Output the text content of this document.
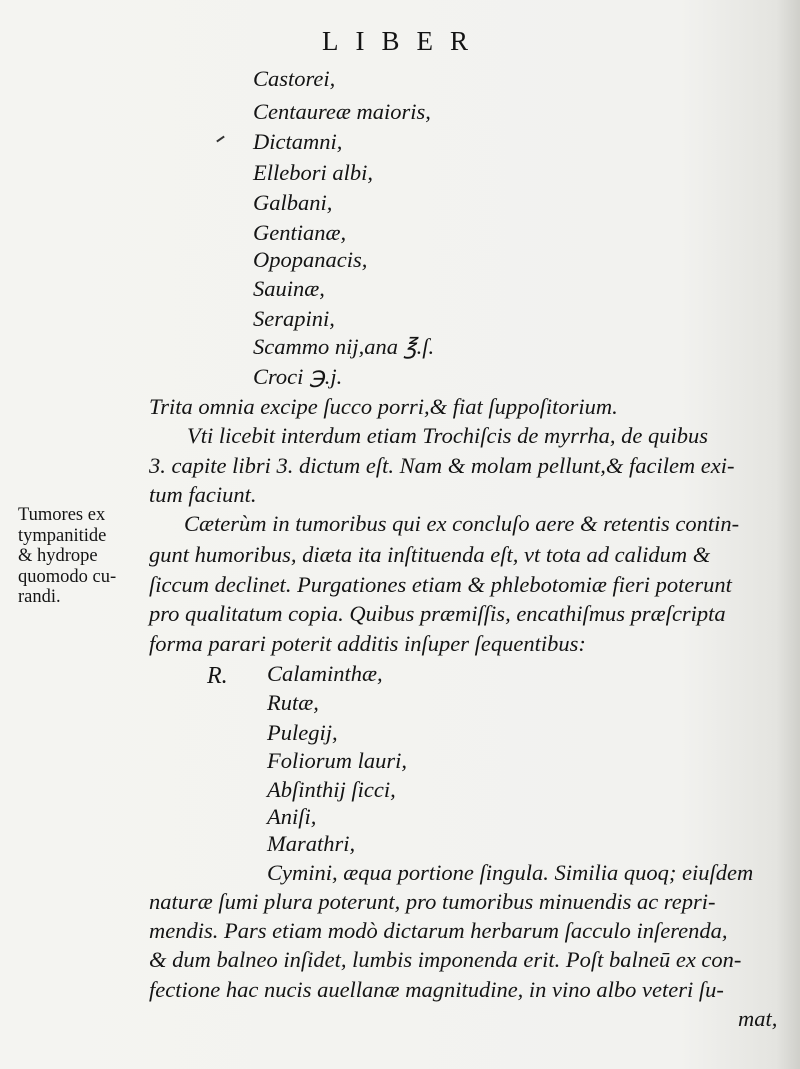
LIBER
Castorei,
Centaureæ maioris,
Dictamni,
Ellebori albi,
Galbani,
Gentianæ,
Opopanacis,
Sauinæ,
Serapini,
Scammo nij,ana ℥.ſ.
Croci ℈.j.
Trita omnia excipe ſucco porri,& fiat ſuppoſitorium.
Vti licebit interdum etiam Trochiſcis de myrrha, de quibus
3. capite libri 3. dictum eſt. Nam & molam pellunt,& facilem exi-
tum faciunt.
Tumores ex
tympanitide
& hydrope
quomodo cu-
randi.
Cæterùm in tumoribus qui ex concluſo aere & retentis contin-
gunt humoribus, diæta ita inſtituenda eſt, vt tota ad calidum &
ſiccum declinet. Purgationes etiam & phlebotomiæ fieri poterunt
pro qualitatum copia. Quibus præmiſſis, encathiſmus præſcripta
forma parari poterit additis inſuper ſequentibus:
R. Calaminthæ,
Rutæ,
Pulegij,
Foliorum lauri,
Abſinthij ſicci,
Aniſi,
Marathri,
Cymini, æqua portione ſingula. Similia quoq; eiuſdem
naturæ ſumi plura poterunt, pro tumoribus minuendis ac repri-
mendis. Pars etiam modò dictarum herbarum ſacculo inſerenda,
& dum balneo inſidet, lumbis imponenda erit. Poſt balneū ex con-
fectione hac nucis auellanæ magnitudine, in vino albo veteri ſu-
mat,
